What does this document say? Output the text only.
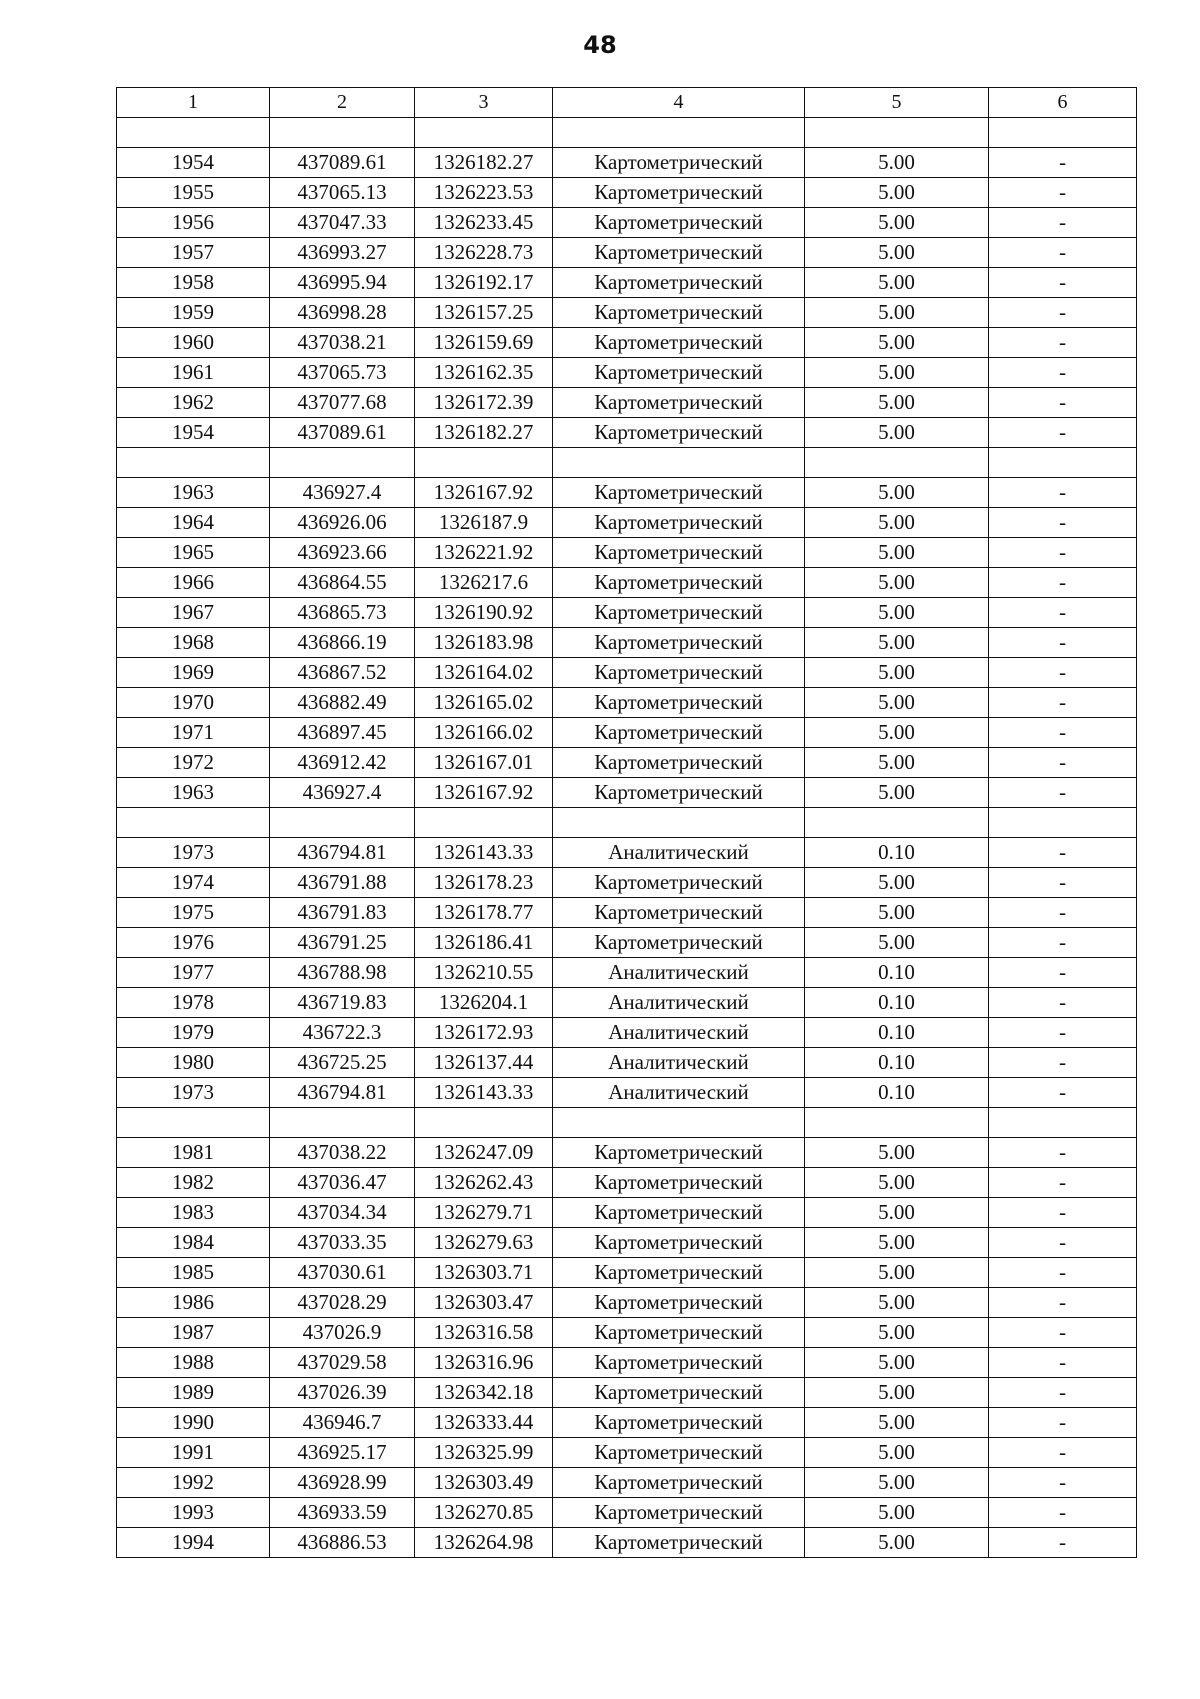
48
1	2	3	4	5	6

1954	437089.61	1326182.27	Картометрический	5.00	-
1955	437065.13	1326223.53	Картометрический	5.00	-
1956	437047.33	1326233.45	Картометрический	5.00	-
1957	436993.27	1326228.73	Картометрический	5.00	-
1958	436995.94	1326192.17	Картометрический	5.00	-
1959	436998.28	1326157.25	Картометрический	5.00	-
1960	437038.21	1326159.69	Картометрический	5.00	-
1961	437065.73	1326162.35	Картометрический	5.00	-
1962	437077.68	1326172.39	Картометрический	5.00	-
1954	437089.61	1326182.27	Картометрический	5.00	-

1963	436927.4	1326167.92	Картометрический	5.00	-
1964	436926.06	1326187.9	Картометрический	5.00	-
1965	436923.66	1326221.92	Картометрический	5.00	-
1966	436864.55	1326217.6	Картометрический	5.00	-
1967	436865.73	1326190.92	Картометрический	5.00	-
1968	436866.19	1326183.98	Картометрический	5.00	-
1969	436867.52	1326164.02	Картометрический	5.00	-
1970	436882.49	1326165.02	Картометрический	5.00	-
1971	436897.45	1326166.02	Картометрический	5.00	-
1972	436912.42	1326167.01	Картометрический	5.00	-
1963	436927.4	1326167.92	Картометрический	5.00	-

1973	436794.81	1326143.33	Аналитический	0.10	-
1974	436791.88	1326178.23	Картометрический	5.00	-
1975	436791.83	1326178.77	Картометрический	5.00	-
1976	436791.25	1326186.41	Картометрический	5.00	-
1977	436788.98	1326210.55	Аналитический	0.10	-
1978	436719.83	1326204.1	Аналитический	0.10	-
1979	436722.3	1326172.93	Аналитический	0.10	-
1980	436725.25	1326137.44	Аналитический	0.10	-
1973	436794.81	1326143.33	Аналитический	0.10	-

1981	437038.22	1326247.09	Картометрический	5.00	-
1982	437036.47	1326262.43	Картометрический	5.00	-
1983	437034.34	1326279.71	Картометрический	5.00	-
1984	437033.35	1326279.63	Картометрический	5.00	-
1985	437030.61	1326303.71	Картометрический	5.00	-
1986	437028.29	1326303.47	Картометрический	5.00	-
1987	437026.9	1326316.58	Картометрический	5.00	-
1988	437029.58	1326316.96	Картометрический	5.00	-
1989	437026.39	1326342.18	Картометрический	5.00	-
1990	436946.7	1326333.44	Картометрический	5.00	-
1991	436925.17	1326325.99	Картометрический	5.00	-
1992	436928.99	1326303.49	Картометрический	5.00	-
1993	436933.59	1326270.85	Картометрический	5.00	-
1994	436886.53	1326264.98	Картометрический	5.00	-
